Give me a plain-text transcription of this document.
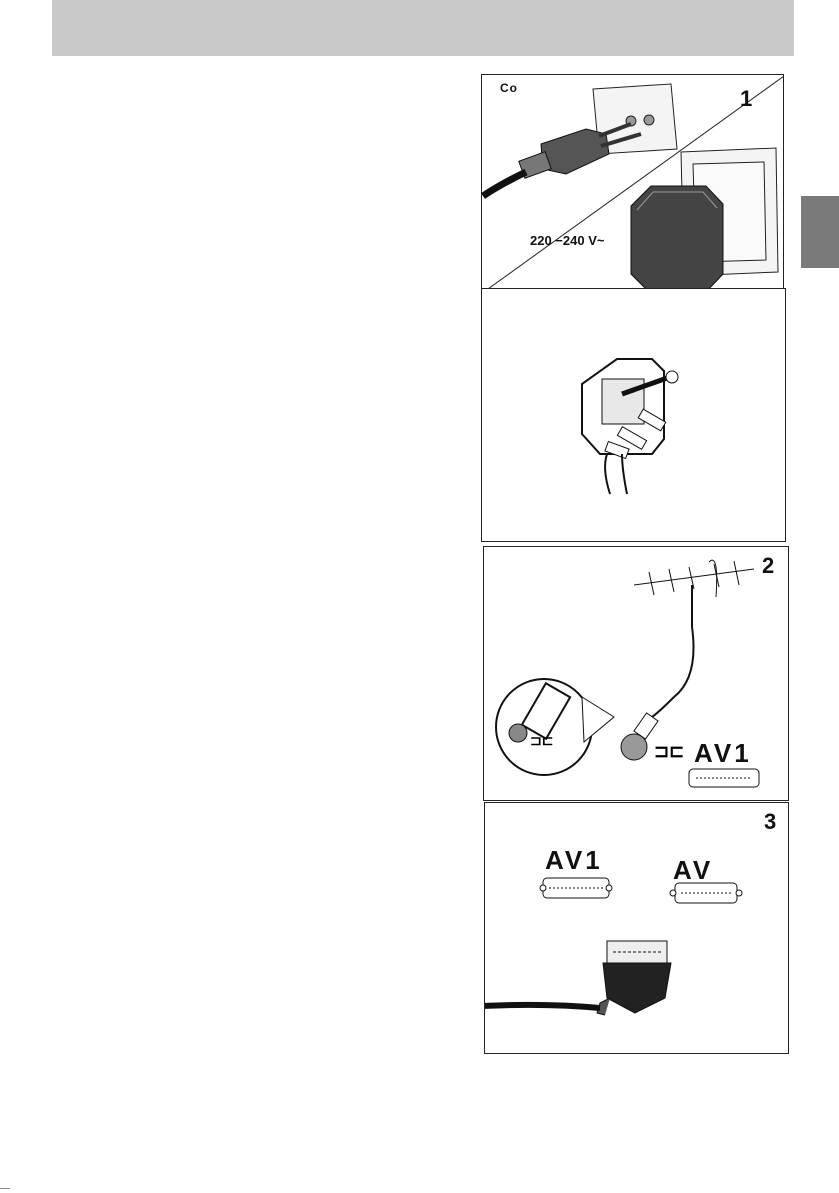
Co	1
220 −240 V~
⊐⊏
⊐⊏
2
AV1
3
AV1	AV
